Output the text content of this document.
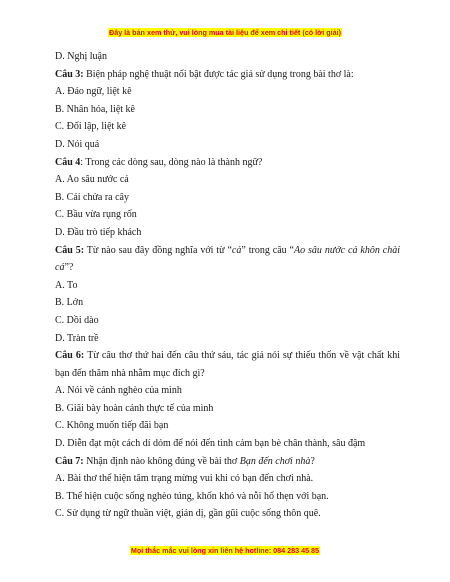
Đây là bản xem thử, vui lòng mua tài liệu để xem chi tiết (có lời giải)
D. Nghị luận
Câu 3: Biện pháp nghệ thuật nổi bật được tác giả sử dụng trong bài thơ là:
A. Đảo ngữ, liệt kê
B. Nhân hóa, liệt kê
C. Đối lập, liệt kê
D. Nói quá
Câu 4: Trong các dòng sau, dòng nào là thành ngữ?
A. Ao sâu nước cả
B. Cải chửa ra cây
C. Bầu vừa rụng rốn
D. Đầu trò tiếp khách
Câu 5: Từ nào sau đây đồng nghĩa với từ “cả” trong câu “Ao sâu nước cả khôn chài cá”?
A. To
B. Lớn
C. Dồi dào
D. Tràn trề
Câu 6: Từ câu thơ thứ hai đến câu thứ sáu, tác giả nói sự thiếu thốn về vật chất khi bạn đến thăm nhà nhằm mục đích gì?
A. Nói về cảnh nghèo của mình
B. Giãi bày hoàn cảnh thực tế của mình
C. Không muốn tiếp đãi bạn
D. Diễn đạt một cách dí dỏm để nói đến tình cảm bạn bè chân thành, sâu đậm
Câu 7: Nhận định nào không đúng về bài thơ Bạn đến chơi nhà?
A. Bài thơ thể hiện tâm trạng mừng vui khi có bạn đến chơi nhà.
B. Thể hiện cuộc sống nghèo túng, khốn khó và nỗi hổ thẹn với bạn.
C. Sử dụng từ ngữ thuần việt, giản dị, gần gũi cuộc sống thôn quê.
Mọi thắc mắc vui lòng xin liên hệ hotline: 084 283 45 85
